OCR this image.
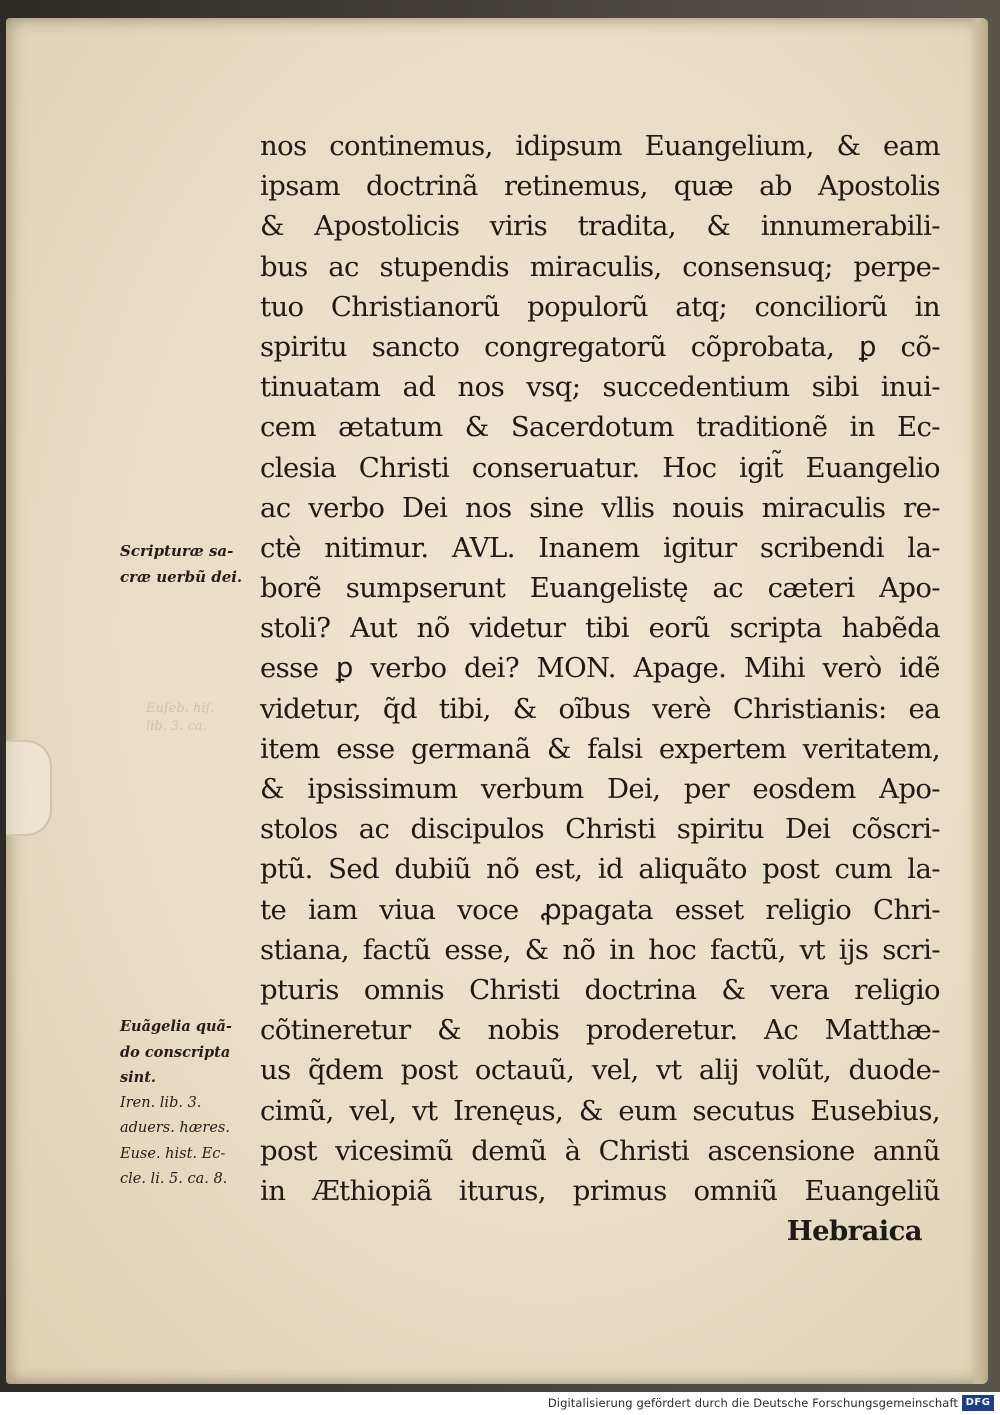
Euſeb. hiſ.
lib. 3. ca.

nos continemus, idipsum Euangelium, & eam
ipsam doctrinã retinemus, quæ ab Apostolis
& Apostolicis viris tradita, & innumerabili-
bus ac stupendis miraculis, consensuq; perpe-
tuo Christianorũ populorũ atq; conciliorũ in
spiritu sancto congregatorũ cõprobata, ꝑ cõ-
tinuatam ad nos vsq; succedentium sibi inui-
cem ætatum & Sacerdotum traditionẽ in Ec-
clesia Christi conseruatur. Hoc igit̃ Euangelio
ac verbo Dei nos sine vllis nouis miraculis re-
ctè nitimur. AVL. Inanem igitur scribendi la-
borẽ sumpserunt Euangelistę ac cæteri Apo-
stoli? Aut nõ videtur tibi eorũ scripta habẽda
esse ꝑ verbo dei? MON. Apage. Mihi verò idẽ
videtur, q̃d tibi, & oĩbus verè Christianis: ea
item esse germanã & falsi expertem veritatem,
& ipsissimum verbum Dei, per eosdem Apo-
stolos ac discipulos Christi spiritu Dei cõscri-
ptũ. Sed dubiũ nõ est, id aliquãto post cum la-
te iam viua voce ꝓpagata esset religio Chri-
stiana, factũ esse, & nõ in hoc factũ, vt ijs scri-
pturis omnis Christi doctrina & vera religio
cõtineretur & nobis proderetur. Ac Matthæ-
us q̃dem post octauũ, vel, vt alij volũt, duode-
cimũ, vel, vt Irenęus, & eum secutus Eusebius,
post vicesimũ demũ à Christi ascensione annũ
in Æthiopiã iturus, primus omniũ Euangeliũ
Hebraica
Scripturæ sa-
cræ uerbũ dei.
Euãgelia quã-
do conscripta
sint.
Iren. lib. 3.
aduers. hæres.
Euse. hist. Ec-
cle. li. 5. ca. 8.
Digitalisierung gefördert durch die Deutsche Forschungsgemeinschaft DFG
